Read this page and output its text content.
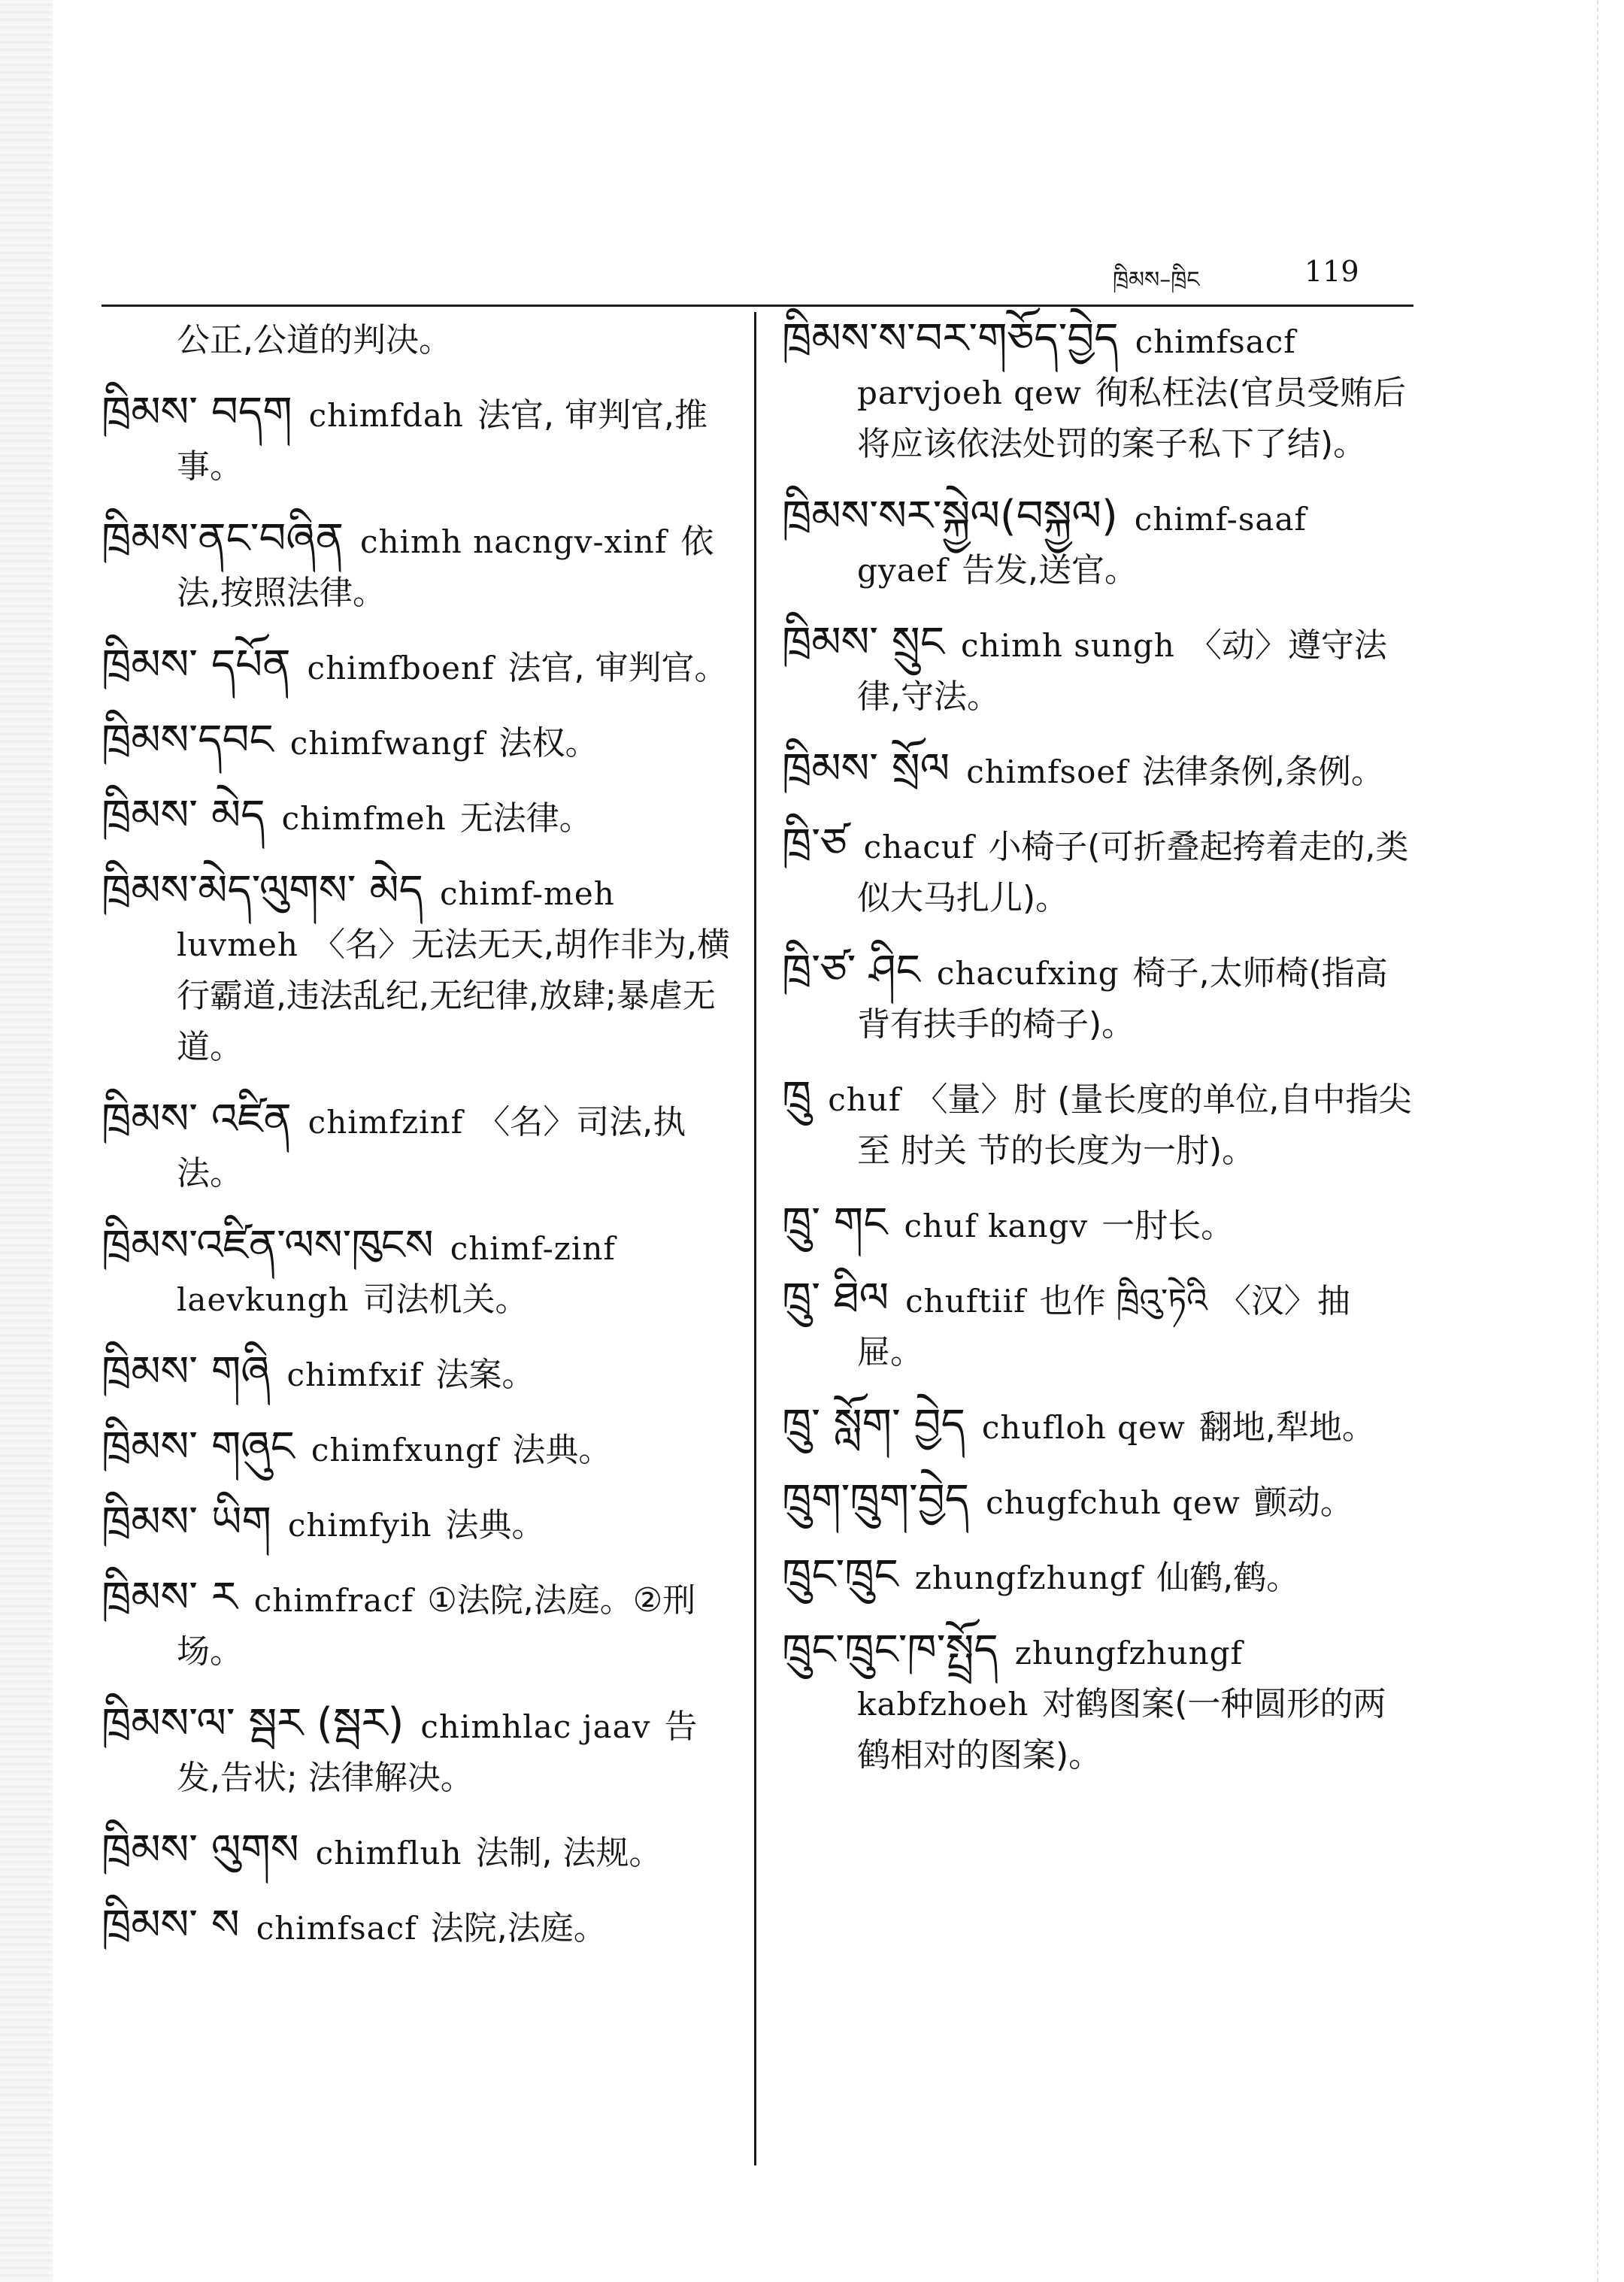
ཁྲིམས–ཁྲིང	119
公正,公道的判决。
ཁྲིམས་ བདག chimfdah 法官, 审判官,推事。
ཁྲིམས་ནང་བཞིན chimh nacngv-xinf 依法,按照法律。
ཁྲིམས་ དཔོན chimfboenf 法官, 审判官。
ཁྲིམས་དབང chimfwangf 法权。
ཁྲིམས་ མེད chimfmeh 无法律。
ཁྲིམས་མེད་ལུགས་ མེད chimf-meh luvmeh 〈名〉无法无天,胡作非为,横行霸道,违法乱纪,无纪律,放肆;暴虐无道。
ཁྲིམས་ འཛིན chimfzinf 〈名〉司法,执法。
ཁྲིམས་འཛིན་ལས་ཁུངས chimf-zinf laevkungh 司法机关。
ཁྲིམས་ གཞི chimfxif 法案。
ཁྲིམས་ གཞུང chimfxungf 法典。
ཁྲིམས་ ཡིག chimfyih 法典。
ཁྲིམས་ ར chimfracf ①法院,法庭。②刑场。
ཁྲིམས་ལ་ སྦར (སྦར) chimhlac jaav 告发,告状; 法律解决。
ཁྲིམས་ ལུགས chimfluh 法制, 法规。
ཁྲིམས་ ས chimfsacf 法院,法庭。
ཁྲིམས་ས་བར་གཅོད་བྱེད chimfsacf parvjoeh qew 徇私枉法(官员受贿后将应该依法处罚的案子私下了结)。
ཁྲིམས་སར་སྐྱེལ(བསྐྱལ) chimf-saaf gyaef 告发,送官。
ཁྲིམས་ སྲུང chimh sungh 〈动〉遵守法律,守法。
ཁྲིམས་ སྲོལ chimfsoef 法律条例,条例。
ཁྲི་ཙ chacuf 小椅子(可折叠起挎着走的,类似大马扎儿)。
ཁྲི་ཙ་ ཤིང chacufxing 椅子,太师椅(指高背有扶手的椅子)。
ཁྲུ chuf 〈量〉肘 (量长度的单位,自中指尖至 肘关 节的长度为一肘)。
ཁྲུ་ གང chuf kangv 一肘长。
ཁྲུ་ ཐིལ chuftiif 也作 ཁྲིའུ་ཏེའི 〈汉〉抽屉。
ཁྲུ་ སློག་ བྱེད chufloh qew 翻地,犁地。
ཁྲུག་ཁྲུག་བྱེད chugfchuh qew 颤动。
ཁྲུང་ཁྲུང zhungfzhungf 仙鹤,鹤。
ཁྲུང་ཁྲུང་ཁ་སྤྲོད zhungfzhungf kabfzhoeh 对鹤图案(一种圆形的两鹤相对的图案)。
